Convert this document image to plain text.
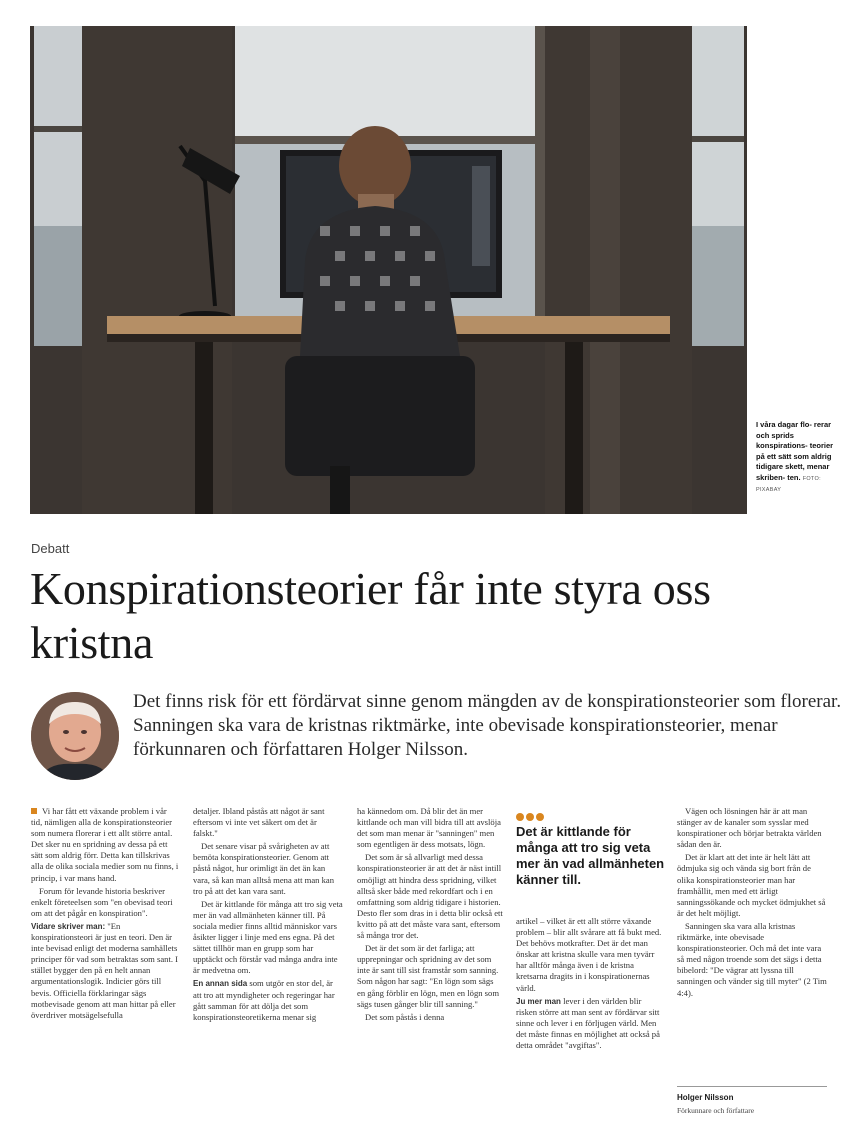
I våra dagar flo- rerar och sprids konspirations- teorier på ett sätt som aldrig tidigare skett, menar skriben- ten. FOTO: PIXABAY
Debatt
Konspirationsteorier får inte styra oss kristna

Det finns risk för ett fördärvat sinne genom mängden av de konspirationsteorier som florerar. Sanningen ska vara de kristnas riktmärke, inte obevisade konspirationsteorier, menar förkunnaren och författaren Holger Nilsson.

Vi har fått ett växande problem i vår tid, nämligen alla de konspirationsteorier som numera florerar i ett allt större antal. Det sker nu en spridning av dessa på ett sätt som aldrig förr. Detta kan tillskrivas alla de olika sociala medier som nu finns, i princip, i var mans hand.

Forum för levande historia beskriver enkelt företeelsen som "en obevisad teori om att det pågår en konspiration".

Vidare skriver man: "En konspirationsteori är just en teori. Den är inte bevisad enligt det moderna samhällets principer för vad som betraktas som sant. I stället bygger den på en helt annan argumentationslogik. Indicier görs till bevis. Officiella förklaringar sägs motbevisade genom att man hittar på eller överdriver motsägelsefulla

detaljer. Ibland påstås att något är sant eftersom vi inte vet säkert om det är falskt."

Det senare visar på svårigheten av att bemöta konspirationsteorier. Genom att påstå något, hur orimligt än det än kan vara, så kan man alltså mena att man kan tro på att det kan vara sant.

Det är kittlande för många att tro sig veta mer än vad allmänheten känner till. På sociala medier finns alltid människor vars åsikter ligger i linje med ens egna. På det sättet tillhör man en grupp som har upptäckt och förstår vad många andra inte är medvetna om.

En annan sida som utgör en stor del, är att tro att myndigheter och regeringar har gått samman för att dölja det som konspirationsteoretikerna menar sig

ha kännedom om. Då blir det än mer kittlande och man vill bidra till att avslöja det som man menar är "sanningen" men som egentligen är dess motsats, lögn.

Det som är så allvarligt med dessa konspirationsteorier är att det är näst intill omöjligt att hindra dess spridning, vilket alltså sker både med rekordfart och i en omfattning som aldrig tidigare i historien. Desto fler som dras in i detta blir också ett kvitto på att det måste vara sant, eftersom så många tror det.

Det är det som är det farliga; att upprepningar och spridning av det som inte är sant till sist framstår som sanning. Som någon har sagt: "En lögn som sägs en gång förblir en lögn, men en lögn som sägs tusen gånger blir till sanning."

Det som påstås i denna

Det är kittlande för många att tro sig veta mer än vad allmänheten känner till.

artikel – vilket är ett allt större växande problem – blir allt svårare att få bukt med. Det behövs motkrafter. Det är det man önskar att kristna skulle vara men tyvärr har alltför många även i de kristna kretsarna dragits in i konspirationernas värld.

Ju mer man lever i den världen blir risken större att man sent av fördärvar sitt sinne och lever i en förljugen värld. Men det måste finnas en möjlighet att också på detta området "avgiftas".

Vägen och lösningen här är att man stänger av de kanaler som sysslar med konspirationer och börjar betrakta världen sådan den är.

Det är klart att det inte är helt lätt att ödmjuka sig och vända sig bort från de olika konspirationsteorier man har framhållit, men med ett ärligt sanningssökande och mycket ödmjukhet så är det helt möjligt.

Sanningen ska vara alla kristnas riktmärke, inte obevisade konspirationsteorier. Och må det inte vara så med någon troende som det sägs i detta bibelord: "De vägrar att lyssna till sanningen och vänder sig till myter" (2 Tim 4:4).

Holger Nilsson
Förkunnare och författare
